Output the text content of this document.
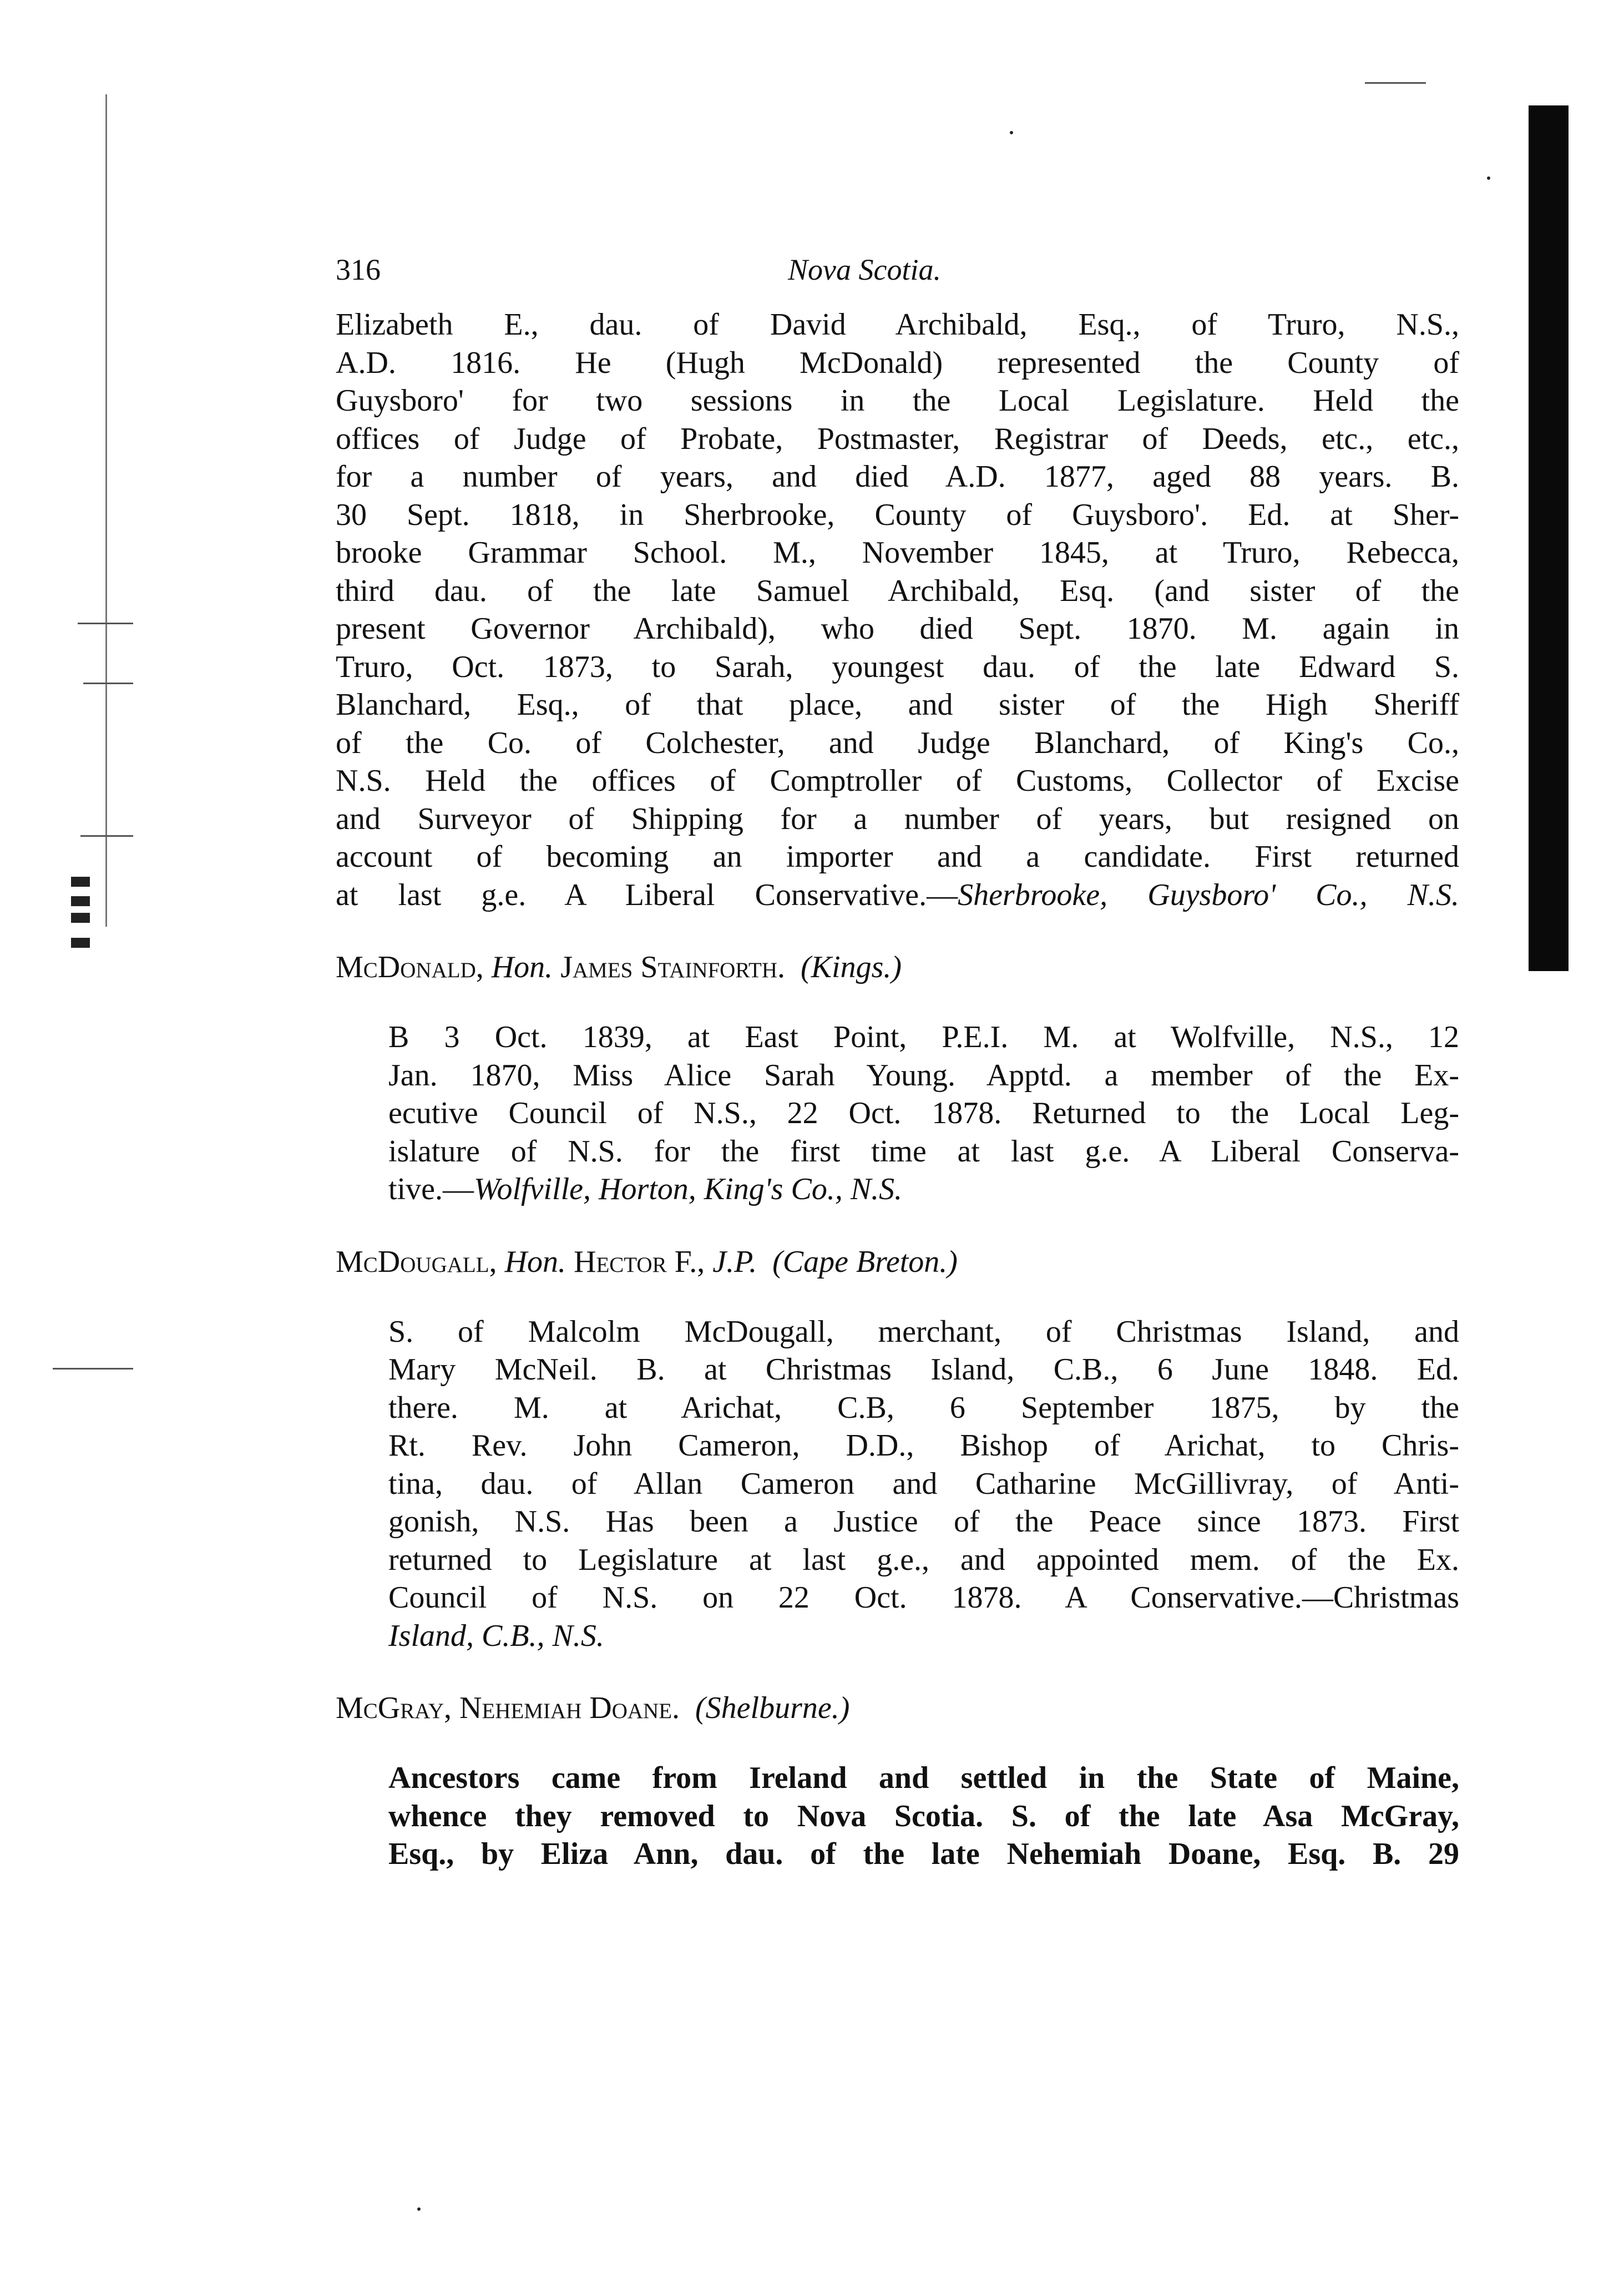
316	Nova Scotia.

Elizabeth E., dau. of David Archibald, Esq., of Truro, N.S.,
A.D. 1816. He (Hugh McDonald) represented the County of
Guysboro' for two sessions in the Local Legislature. Held the
offices of Judge of Probate, Postmaster, Registrar of Deeds, etc., etc.,
for a number of years, and died A.D. 1877, aged 88 years. B.
30 Sept. 1818, in Sherbrooke, County of Guysboro'. Ed. at Sher-
brooke Grammar School. M., November 1845, at Truro, Rebecca,
third dau. of the late Samuel Archibald, Esq. (and sister of the
present Governor Archibald), who died Sept. 1870. M. again in
Truro, Oct. 1873, to Sarah, youngest dau. of the late Edward S.
Blanchard, Esq., of that place, and sister of the High Sheriff
of the Co. of Colchester, and Judge Blanchard, of King's Co.,
N.S. Held the offices of Comptroller of Customs, Collector of Excise
and Surveyor of Shipping for a number of years, but resigned on
account of becoming an importer and a candidate. First returned
at last g.e. A Liberal Conservative.—Sherbrooke, Guysboro' Co., N.S.

McDonald, Hon. James Stainforth. (Kings.)

B 3 Oct. 1839, at East Point, P.E.I. M. at Wolfville, N.S., 12
Jan. 1870, Miss Alice Sarah Young. Apptd. a member of the Ex-
ecutive Council of N.S., 22 Oct. 1878. Returned to the Local Leg-
islature of N.S. for the first time at last g.e. A Liberal Conserva-
tive.—Wolfville, Horton, King's Co., N.S.

McDougall, Hon. Hector F., J.P. (Cape Breton.)

S. of Malcolm McDougall, merchant, of Christmas Island, and
Mary McNeil. B. at Christmas Island, C.B., 6 June 1848. Ed.
there. M. at Arichat, C.B, 6 September 1875, by the
Rt. Rev. John Cameron, D.D., Bishop of Arichat, to Chris-
tina, dau. of Allan Cameron and Catharine McGillivray, of Anti-
gonish, N.S. Has been a Justice of the Peace since 1873. First
returned to Legislature at last g.e., and appointed mem. of the Ex.
Council of N.S. on 22 Oct. 1878. A Conservative.—Christmas
Island, C.B., N.S.

McGray, Nehemiah Doane. (Shelburne.)

Ancestors came from Ireland and settled in the State of Maine,
whence they removed to Nova Scotia. S. of the late Asa McGray,
Esq., by Eliza Ann, dau. of the late Nehemiah Doane, Esq. B. 29
